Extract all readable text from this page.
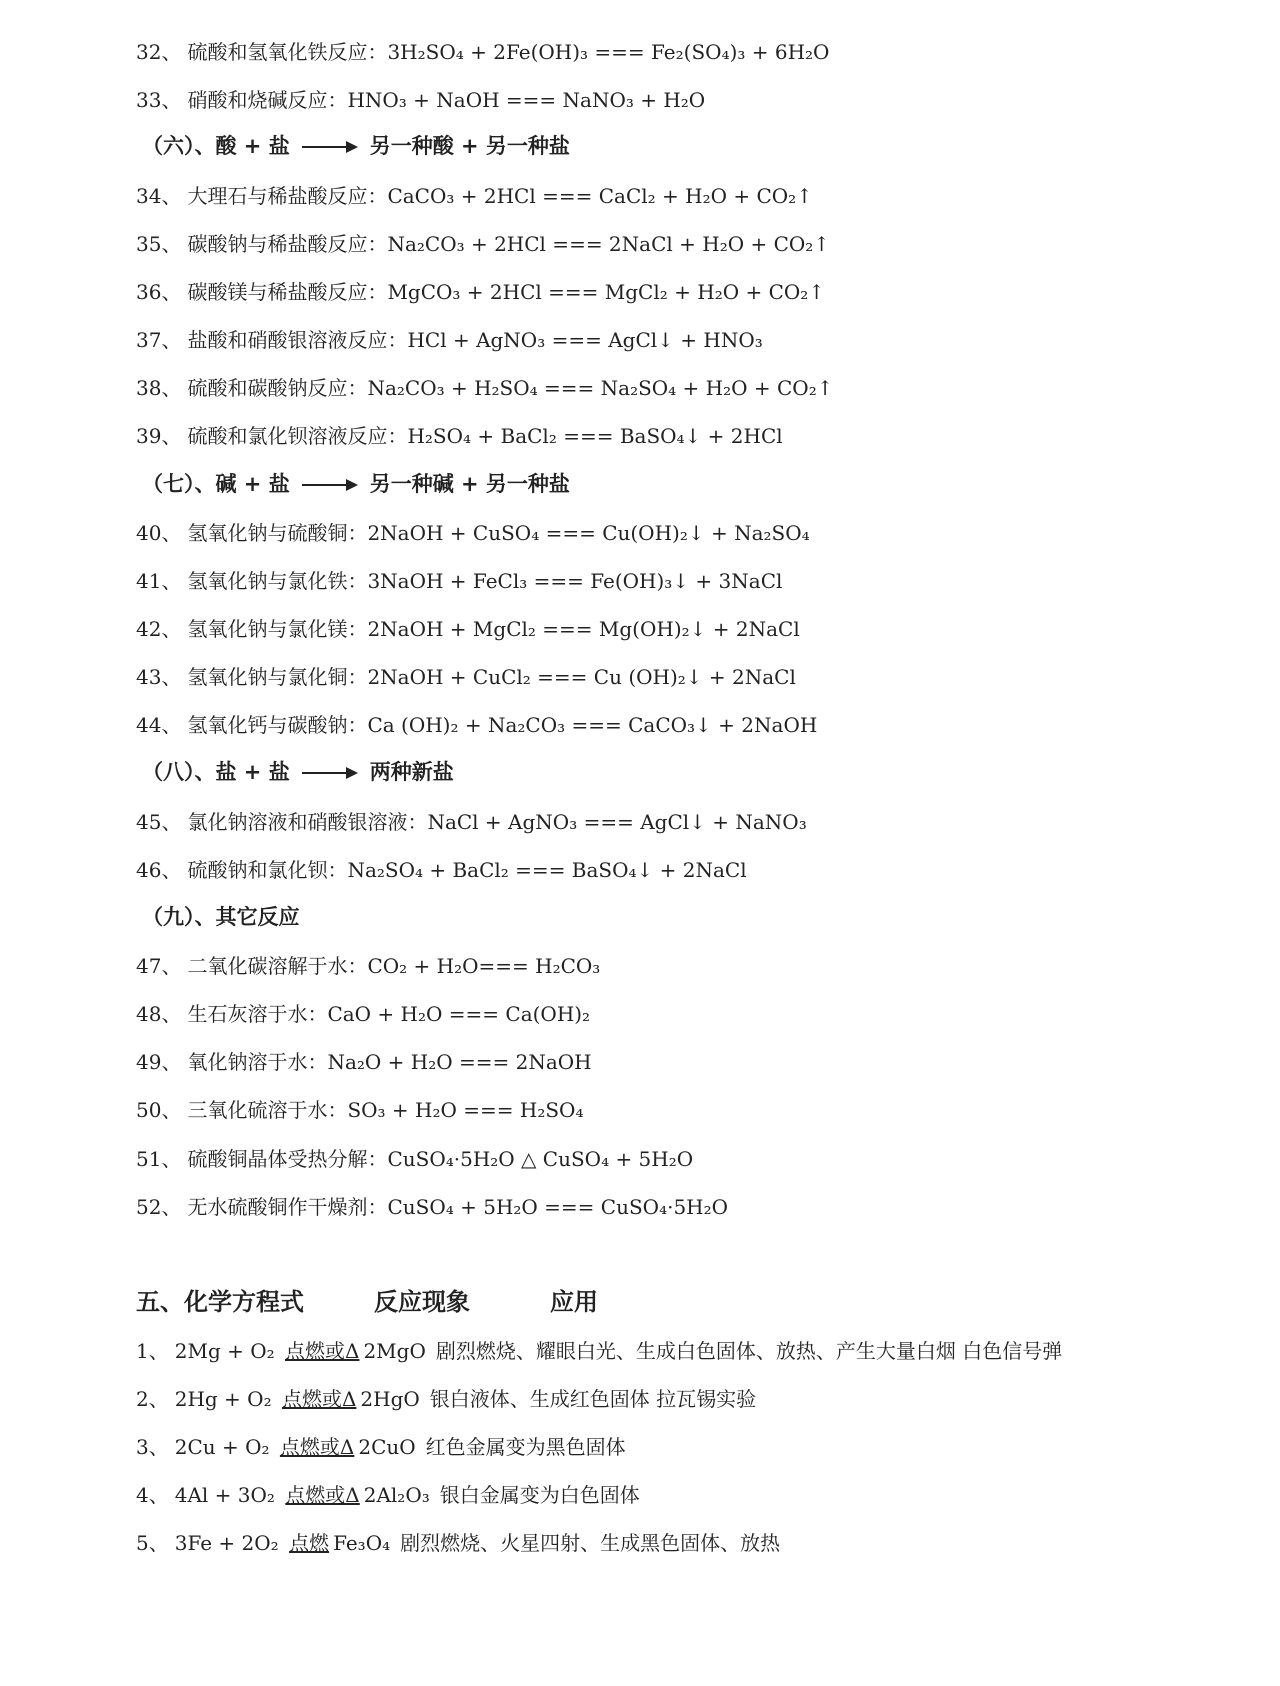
32、 硫酸和氢氧化铁反应：3H₂SO₄ + 2Fe(OH)₃ === Fe₂(SO₄)₃ + 6H₂O
33、 硝酸和烧碱反应：HNO₃ + NaOH === NaNO₃ + H₂O
（六）、酸 + 盐	另一种酸 + 另一种盐
34、 大理石与稀盐酸反应：CaCO₃ + 2HCl === CaCl₂ + H₂O + CO₂↑
35、 碳酸钠与稀盐酸反应：Na₂CO₃ + 2HCl === 2NaCl + H₂O + CO₂↑
36、 碳酸镁与稀盐酸反应：MgCO₃ + 2HCl === MgCl₂ + H₂O + CO₂↑
37、 盐酸和硝酸银溶液反应：HCl + AgNO₃ === AgCl↓ + HNO₃
38、 硫酸和碳酸钠反应：Na₂CO₃ + H₂SO₄ === Na₂SO₄ + H₂O + CO₂↑
39、 硫酸和氯化钡溶液反应：H₂SO₄ + BaCl₂ === BaSO₄↓ + 2HCl
（七）、碱 + 盐	另一种碱 + 另一种盐
40、 氢氧化钠与硫酸铜：2NaOH + CuSO₄ === Cu(OH)₂↓ + Na₂SO₄
41、 氢氧化钠与氯化铁：3NaOH + FeCl₃ === Fe(OH)₃↓ + 3NaCl
42、 氢氧化钠与氯化镁：2NaOH + MgCl₂ === Mg(OH)₂↓ + 2NaCl
43、 氢氧化钠与氯化铜：2NaOH + CuCl₂ === Cu (OH)₂↓ + 2NaCl
44、 氢氧化钙与碳酸钠：Ca (OH)₂ + Na₂CO₃ === CaCO₃↓ + 2NaOH
（八）、盐 + 盐	两种新盐
45、 氯化钠溶液和硝酸银溶液：NaCl + AgNO₃ === AgCl↓ + NaNO₃
46、 硫酸钠和氯化钡：Na₂SO₄ + BaCl₂ === BaSO₄↓ + 2NaCl
（九）、其它反应
47、 二氧化碳溶解于水：CO₂ + H₂O=== H₂CO₃
48、 生石灰溶于水：CaO + H₂O === Ca(OH)₂
49、 氧化钠溶于水：Na₂O + H₂O === 2NaOH
50、 三氧化硫溶于水：SO₃ + H₂O === H₂SO₄
51、 硫酸铜晶体受热分解：CuSO₄·5H₂O △ CuSO₄ + 5H₂O
52、 无水硫酸铜作干燥剂：CuSO₄ + 5H₂O === CuSO₄·5H₂O
五、化学方程式	反应现象	应用
1、 2Mg + O₂ 点燃或Δ 2MgO 剧烈燃烧、耀眼白光、生成白色固体、放热、产生大量白烟 白色信号弹
2、 2Hg + O₂ 点燃或Δ 2HgO 银白液体、生成红色固体 拉瓦锡实验
3、 2Cu + O₂ 点燃或Δ 2CuO 红色金属变为黑色固体
4、 4Al + 3O₂ 点燃或Δ 2Al₂O₃ 银白金属变为白色固体
5、 3Fe + 2O₂ 点燃 Fe₃O₄ 剧烈燃烧、火星四射、生成黑色固体、放热
